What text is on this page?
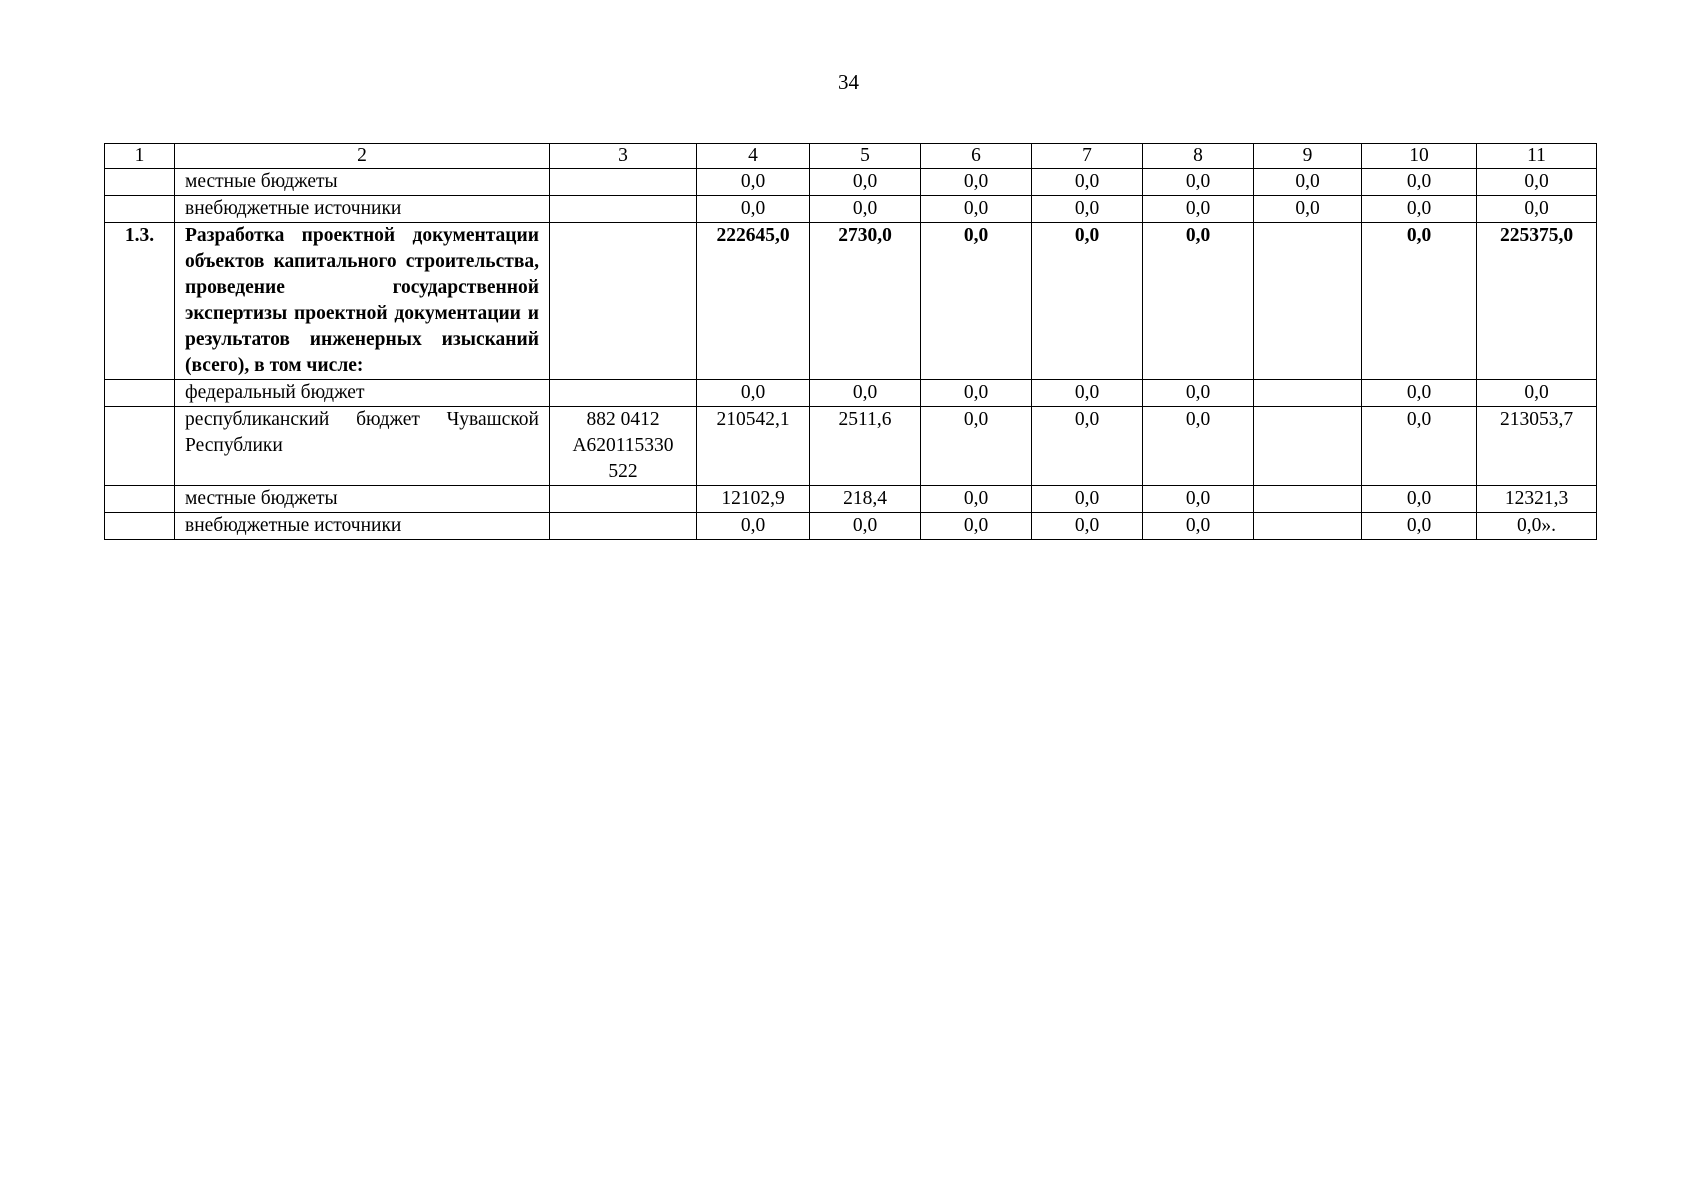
34
1	2	3	4	5	6	7	8	9	10	11
	местные бюджеты		0,0	0,0	0,0	0,0	0,0	0,0	0,0	0,0
	внебюджетные источники		0,0	0,0	0,0	0,0	0,0	0,0	0,0	0,0
1.3.	Разработка проектной документации объектов капитального строительства, проведение государственной экспертизы проектной документации и результатов инженерных изысканий (всего), в том числе:		222645,0	2730,0	0,0	0,0	0,0		0,0	225375,0
	федеральный бюджет		0,0	0,0	0,0	0,0	0,0		0,0	0,0
	республиканский бюджет Чувашской Республики	882 0412 А620115330 522	210542,1	2511,6	0,0	0,0	0,0		0,0	213053,7
	местные бюджеты		12102,9	218,4	0,0	0,0	0,0		0,0	12321,3
	внебюджетные источники		0,0	0,0	0,0	0,0	0,0		0,0	0,0».
